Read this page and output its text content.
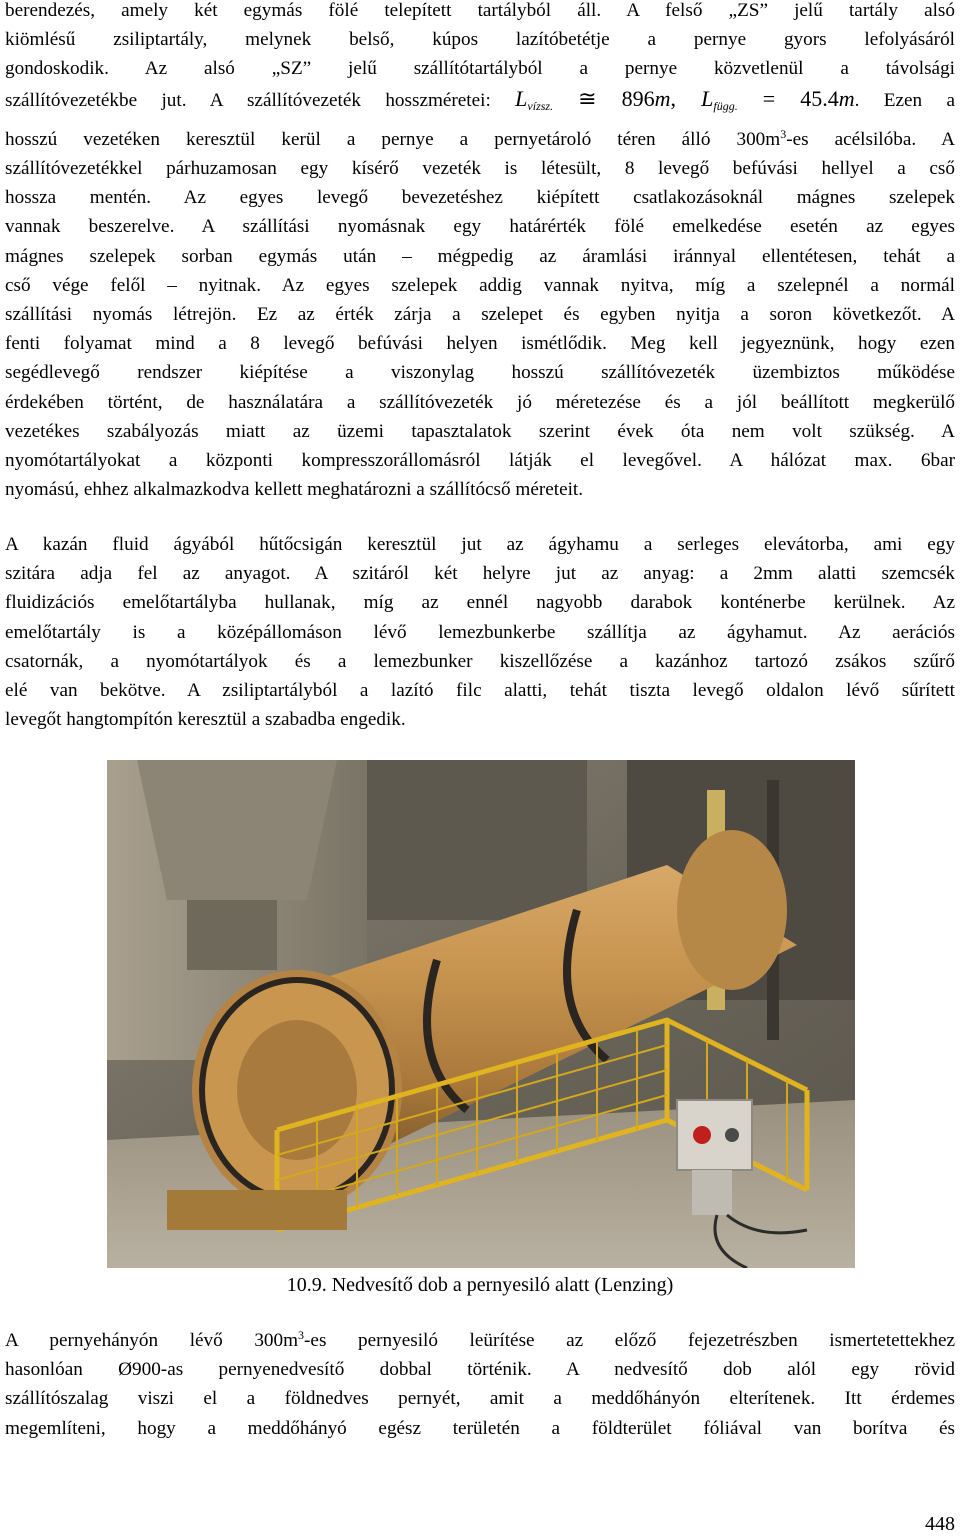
berendezés, amely két egymás fölé telepített tartályból áll. A felső „ZS” jelű tartály alsó
kiömlésű zsiliptartály, melynek belső, kúpos lazítóbetétje a pernye gyors lefolyásáról
gondoskodik. Az alsó „SZ” jelű szállítótartályból a pernye közvetlenül a távolsági
szállítóvezetékbe jut. A szállítóvezeték hosszméretei: $L_{vízsz.}$ ≅ 896m, $L_{függ.} = 45.4m$. Ezen a
hosszú vezetéken keresztül kerül a pernye a pernyetároló téren álló $300m^3-es$ acélsilóba. A
szállítóvezetékkel párhuzamosan egy kísérő vezeték is létesült, 8 levegő befúvási hellyel a cső
hossza mentén. Az egyes levegő bevezetéshez kiépített csatlakozásoknál mágnes szelepek
vannak beszerelve. A szállítási nyomásnak egy határérték fölé emelkedése esetén az egyes
mágnes szelepek sorban egymás után – mégpedig az áramlási iránnyal ellentétesen, tehát a
cső vége felől – nyitnak. Az egyes szelepek addig vannak nyitva, míg a szelepnél a normál
szállítási nyomás létrejön. Ez az érték zárja a szelepet és egyben nyitja a soron következőt. A
fenti folyamat mind a 8 levegő befúvási helyen ismétlődik. Meg kell jegyeznünk, hogy ezen
segédlevegő rendszer kiépítése a viszonylag hosszú szállítóvezeték üzembiztos működése
érdekében történt, de használatára a szállítóvezeték jó méretezése és a jól beállított megkerülő
vezetékes szabályozás miatt az üzemi tapasztalatok szerint évek óta nem volt szükség. A
nyomótartályokat a központi kompresszorállomásról látják el levegővel. A hálózat max. 6bar
nyomású, ehhez alkalmazkodva kellett meghatározni a szállítócső méreteit.
A kazán fluid ágyából hűtőcsigán keresztül jut az ágyhamu a serleges elevátorba, ami egy
szitára adja fel az anyagot. A szitáról két helyre jut az anyag: a 2mm alatti szemcsék
fluidizációs emelőtartályba hullanak, míg az ennél nagyobb darabok konténerbe kerülnek. Az
emelőtartály is a középállomáson lévő lemezbunkerbe szállítja az ágyhamut. Az aerációs
csatornák, a nyomótartályok és a lemezbunker kiszellőzése a kazánhoz tartozó zsákos szűrő
elé van bekötve. A zsiliptartályból a lazító filc alatti, tehát tiszta levegő oldalon lévő sűrített
levegőt hangtompítón keresztül a szabadba engedik.
10.9. Nedvesítő dob a pernyesiló alatt (Lenzing)
A pernyehányón lévő $300m^3-es$ pernyesiló leürítése az előző fejezetrészben ismertetettekhez
hasonlóan Ø900-as pernyenedvesítő dobbal történik. A nedvesítő dob alól egy rövid
szállítószalag viszi el a földnedves pernyét, amit a meddőhányón elterítenek. Itt érdemes
megemlíteni, hogy a meddőhányó egész területén a földterület fóliával van borítva és
448
